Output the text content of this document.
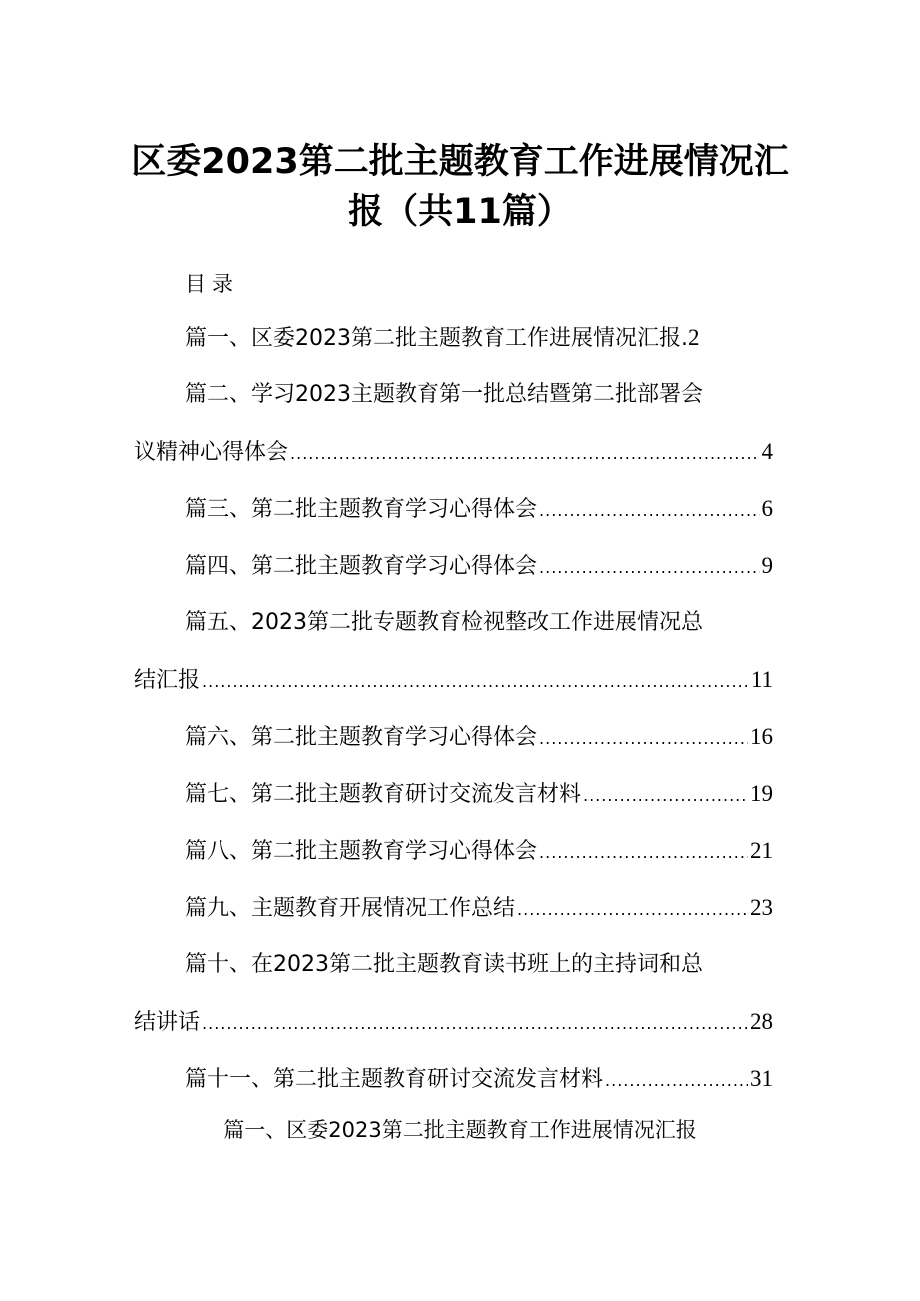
区委2023第二批主题教育工作进展情况汇
报（共11篇）
目录
篇一、区委2023第二批主题教育工作进展情况汇报 . 2
篇二、学习2023主题教育第一批总结暨第二批部署会
议精神心得体会 .....	4
篇三、第二批主题教育学习心得体会 .....	6
篇四、第二批主题教育学习心得体会 .....	9
篇五、2023第二批专题教育检视整改工作进展情况总
结汇报 .....	11
篇六、第二批主题教育学习心得体会 .....	16
篇七、第二批主题教育研讨交流发言材料 .....	19
篇八、第二批主题教育学习心得体会 .....	21
篇九、主题教育开展情况工作总结 .....	23
篇十、在2023第二批主题教育读书班上的主持词和总
结讲话 .....	28
篇十一、第二批主题教育研讨交流发言材料 .....	31
篇一、区委2023第二批主题教育工作进展情况汇报
